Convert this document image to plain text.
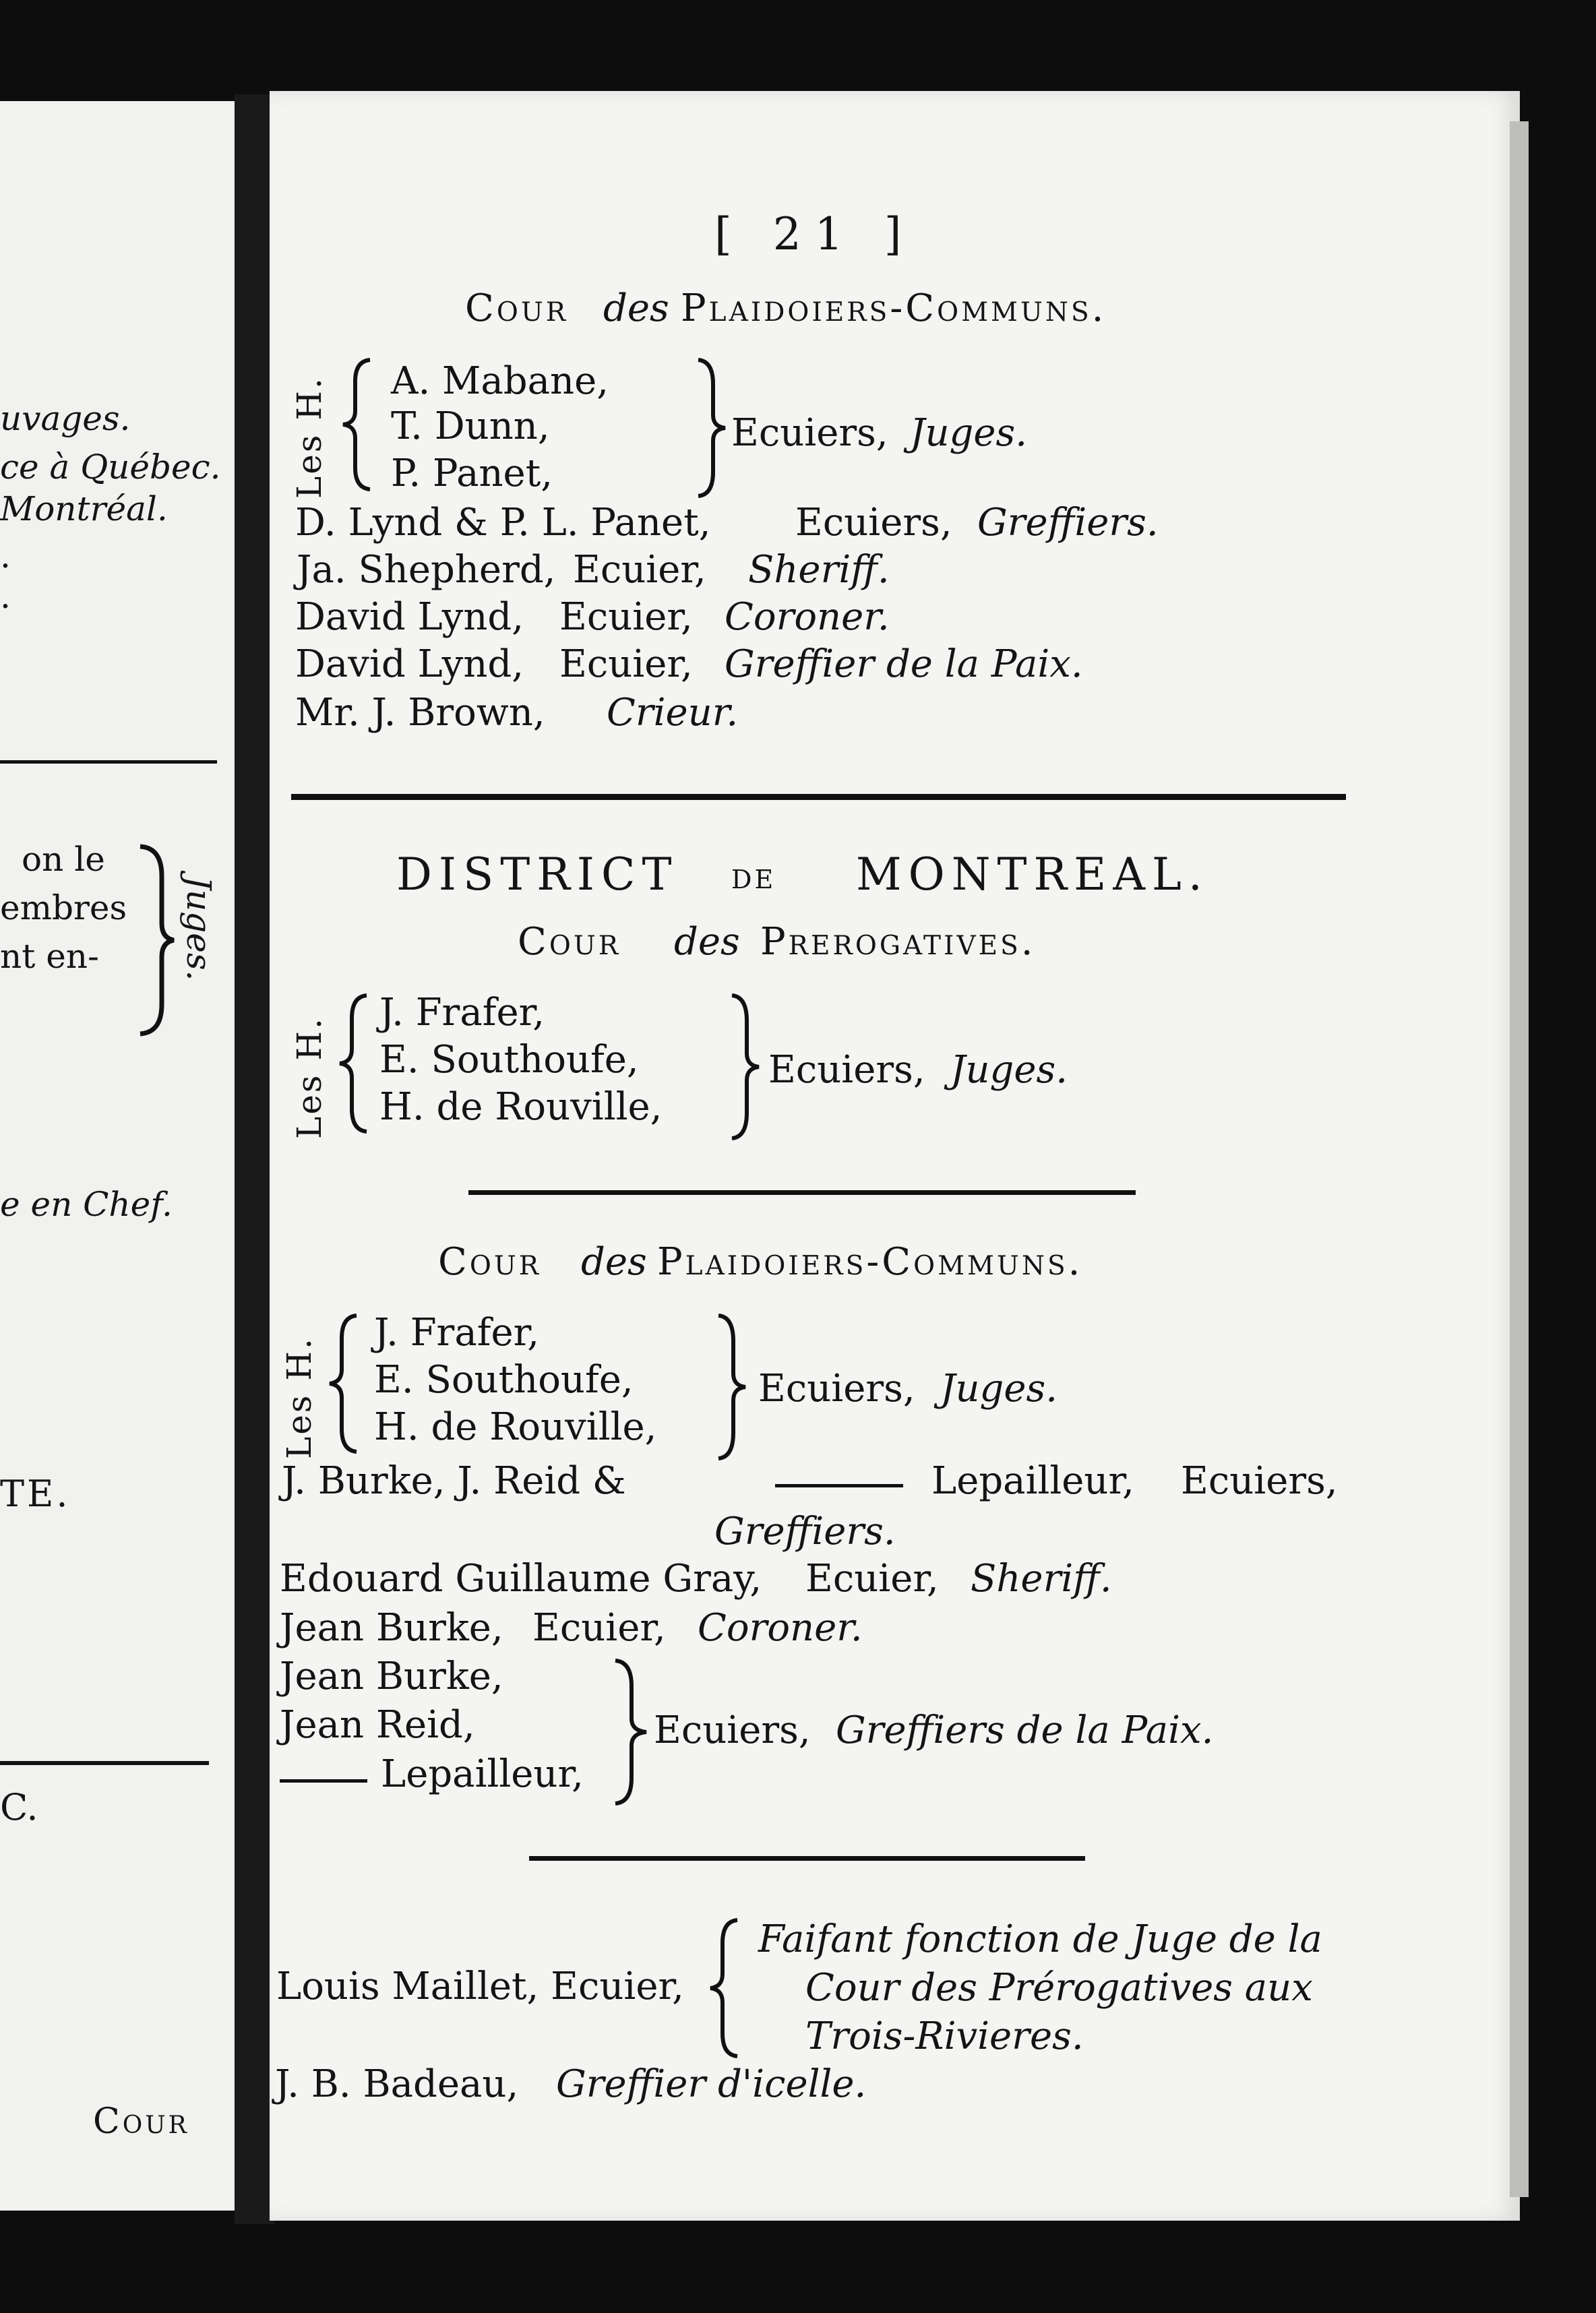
uvages.
ce à Québec.
Montréal.
.
.
on le
embres
nt en- Juges.
e en Chef.
TE.
C.
Cour
[ 21 ]
Cour des Plaidoiers-Communs.
Les H. A. Mabane,
T. Dunn,
P. Panet,
Ecuiers, Juges.
D. Lynd & P. L. Panet, Ecuiers, Greffiers.
Ja. Shepherd, Ecuier, Sheriff.
David Lynd, Ecuier, Coroner.
David Lynd, Ecuier, Greffier de la Paix.
Mr. J. Brown, Crieur.
DISTRICT de MONTREAL.
Cour des Prerogatives.
Les H.
J. Frafer,
E. Southoufe,
H. de Rouville,
Ecuiers, Juges.
Cour des Plaidoiers-Communs.
Les H.
J. Frafer,
E. Southoufe,
H. de Rouville,
Ecuiers, Juges.
J. Burke, J. Reid &	Lepailleur, Ecuiers,
Greffiers.
Edouard Guillaume Gray, Ecuier, Sheriff.
Jean Burke, Ecuier, Coroner.
Jean Burke,
Jean Reid,
Lepailleur,
Ecuiers, Greffiers de la Paix.
Louis Maillet, Ecuier,
Faifant fonction de Juge de la
Cour des Prérogatives aux
Trois-Rivieres.
J. B. Badeau, Greffier d'icelle.
